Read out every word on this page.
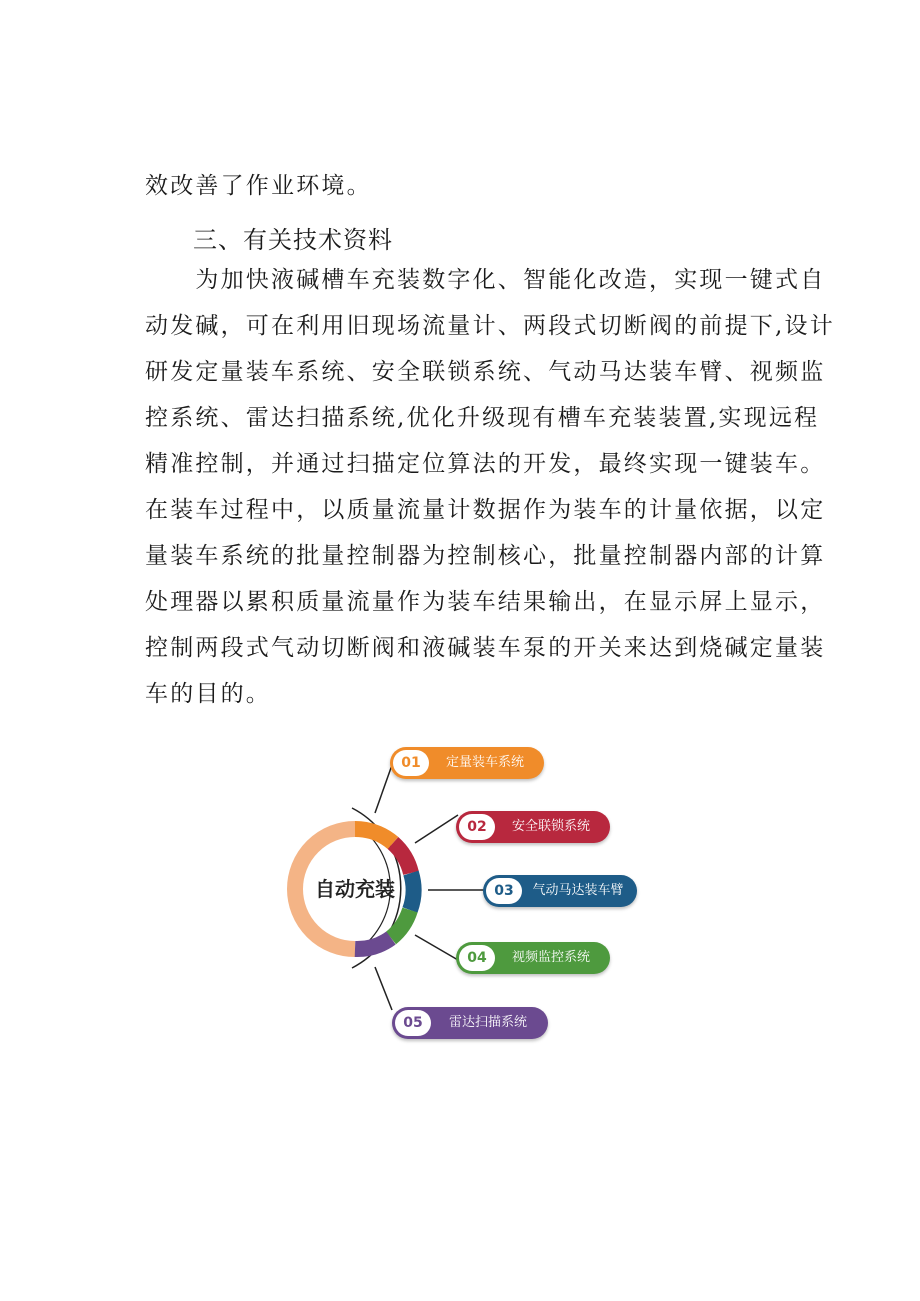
效改善了作业环境。
三、有关技术资料
　　为加快液碱槽车充装数字化、智能化改造，实现一键式自
动发碱，可在利用旧现场流量计、两段式切断阀的前提下,设计
研发定量装车系统、安全联锁系统、气动马达装车臂、视频监
控系统、雷达扫描系统,优化升级现有槽车充装装置,实现远程
精准控制，并通过扫描定位算法的开发，最终实现一键装车。
在装车过程中，以质量流量计数据作为装车的计量依据，以定
量装车系统的批量控制器为控制核心，批量控制器内部的计算
处理器以累积质量流量作为装车结果输出，在显示屏上显示，
控制两段式气动切断阀和液碱装车泵的开关来达到烧碱定量装
车的目的。
自动充装
01	定量装车系统
02	安全联锁系统
03	气动马达装车臂
04	视频监控系统
05	雷达扫描系统
